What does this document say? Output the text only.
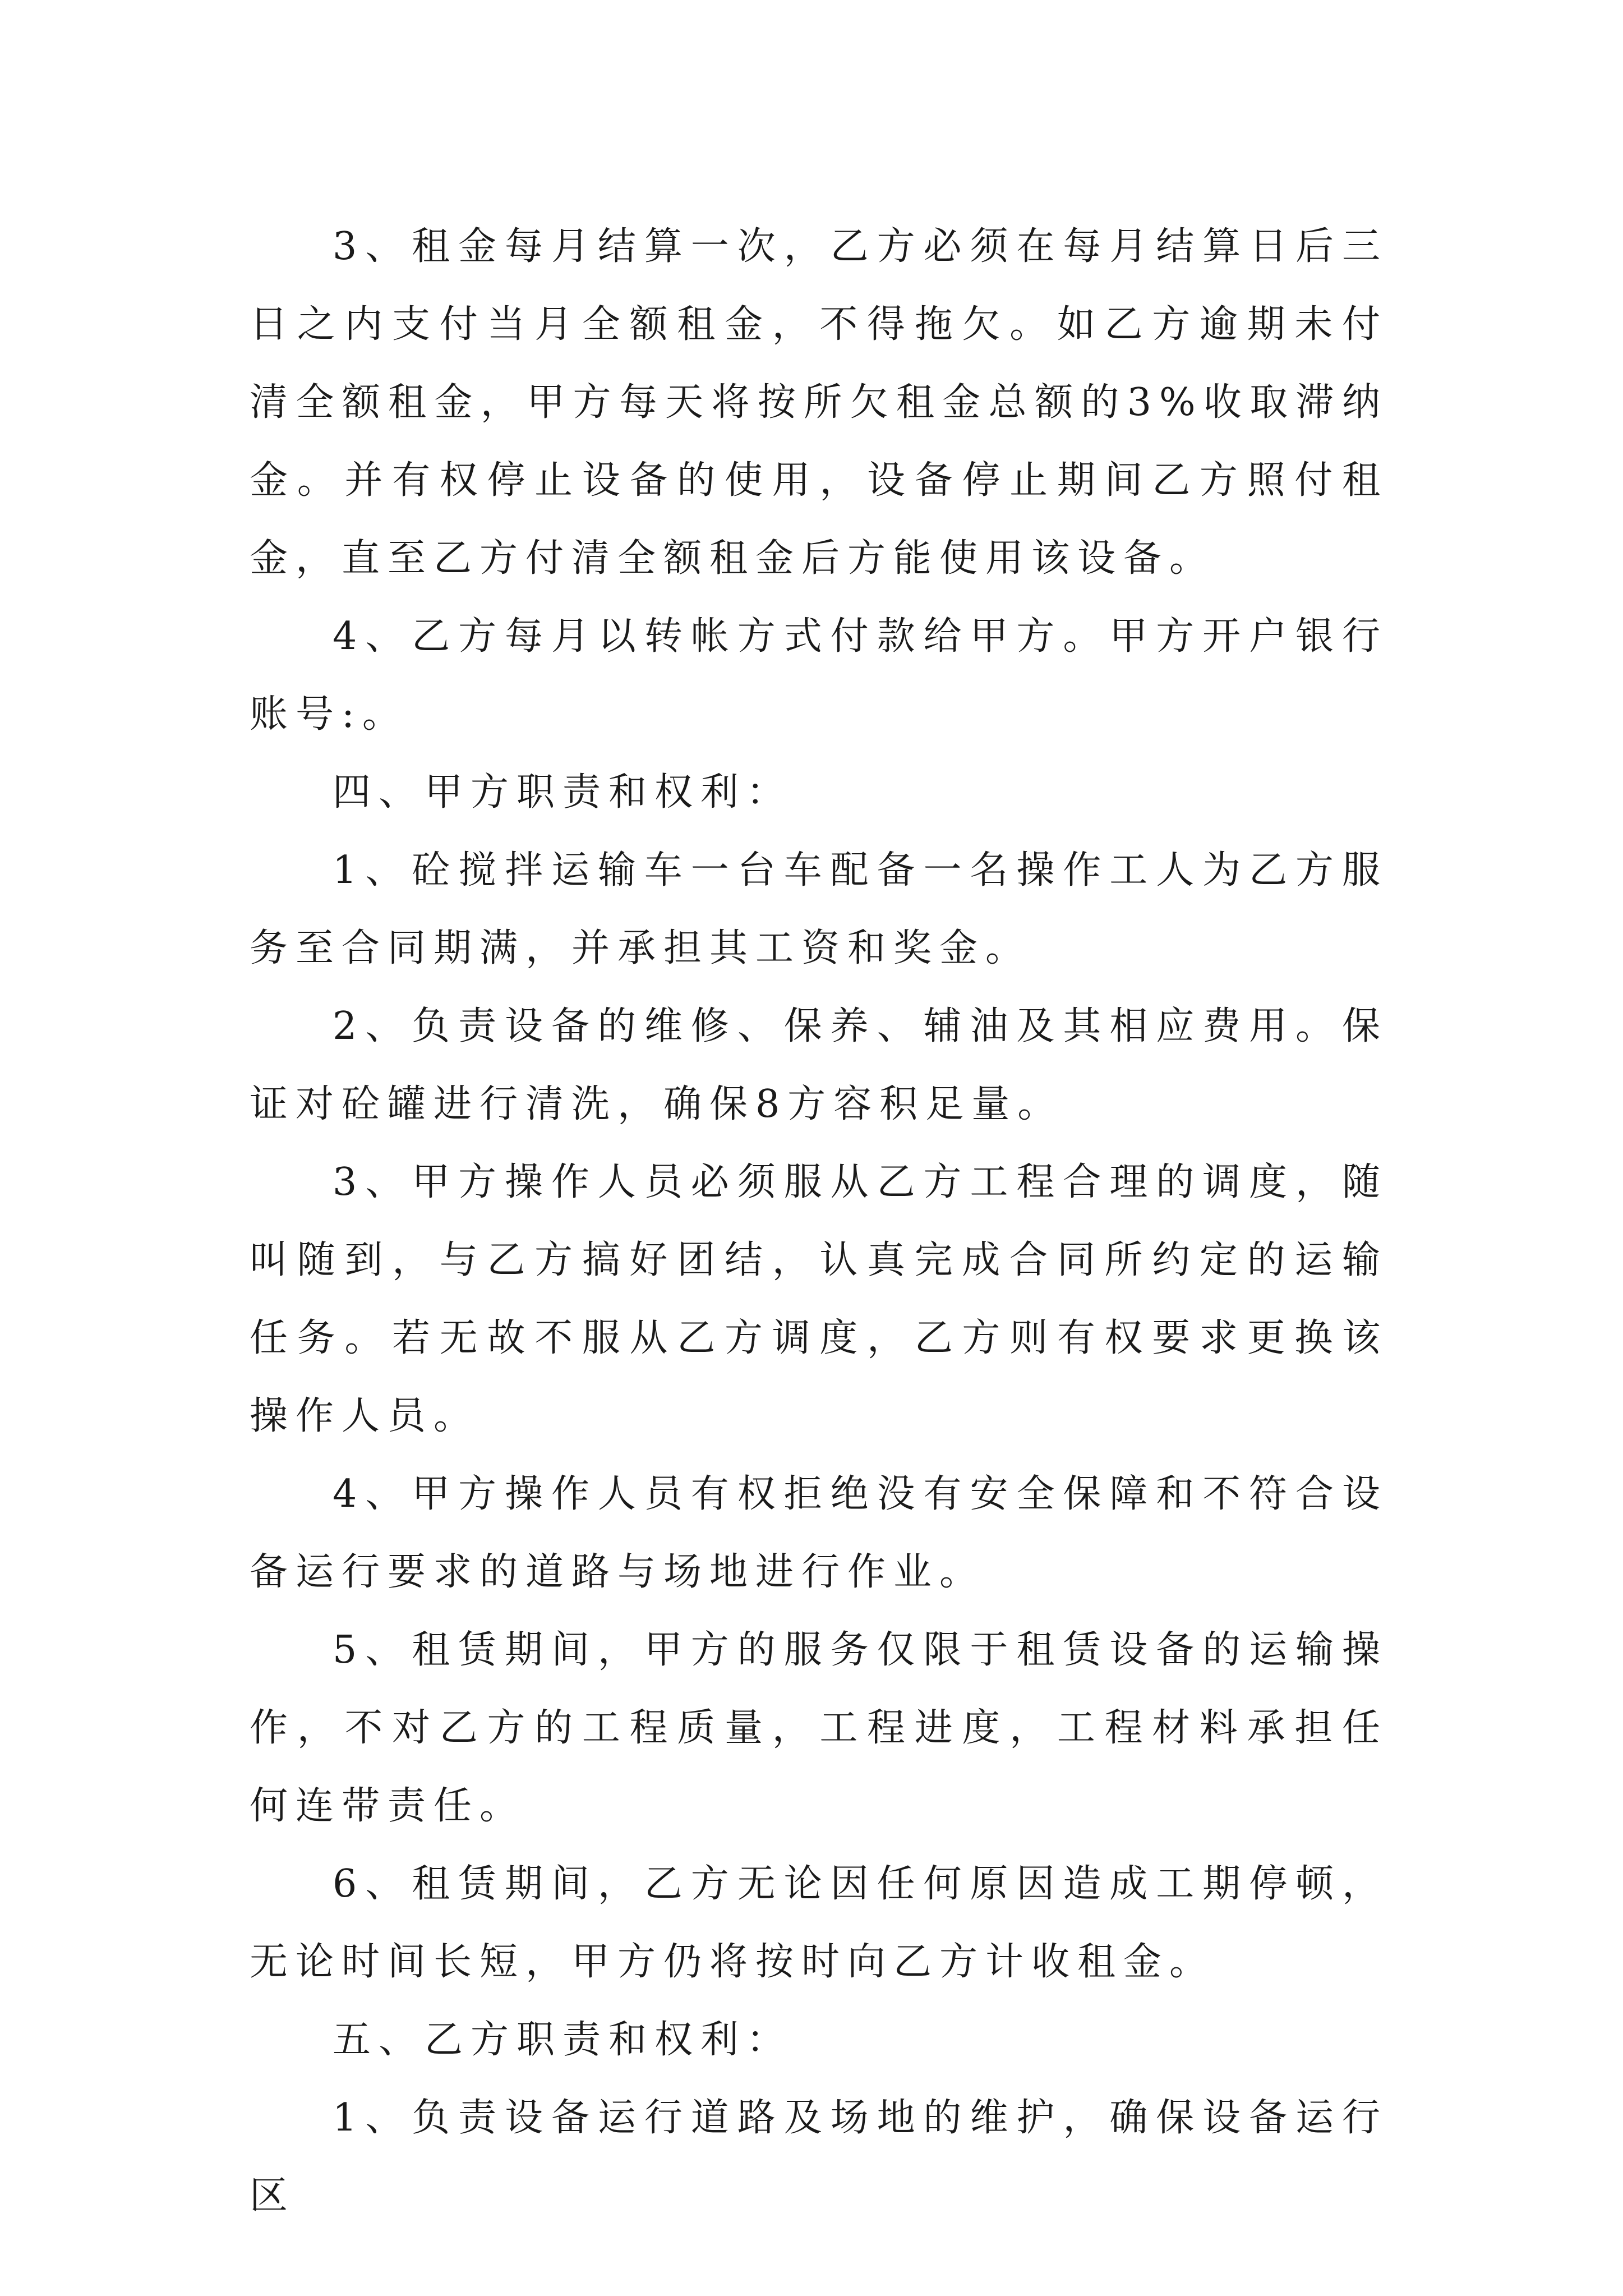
3、租金每月结算一次，乙方必须在每月结算日后三日之内支付当月全额租金，不得拖欠。如乙方逾期未付清全额租金，甲方每天将按所欠租金总额的3%收取滞纳金。并有权停止设备的使用，设备停止期间乙方照付租金，直至乙方付清全额租金后方能使用该设备。

4、乙方每月以转帐方式付款给甲方。甲方开户银行账号:。

四、甲方职责和权利：

1、砼搅拌运输车一台车配备一名操作工人为乙方服务至合同期满，并承担其工资和奖金。

2、负责设备的维修、保养、辅油及其相应费用。保证对砼罐进行清洗，确保8方容积足量。

3、甲方操作人员必须服从乙方工程合理的调度，随叫随到，与乙方搞好团结，认真完成合同所约定的运输任务。若无故不服从乙方调度，乙方则有权要求更换该操作人员。

4、甲方操作人员有权拒绝没有安全保障和不符合设备运行要求的道路与场地进行作业。

5、租赁期间，甲方的服务仅限于租赁设备的运输操作，不对乙方的工程质量，工程进度，工程材料承担任何连带责任。

6、租赁期间，乙方无论因任何原因造成工期停顿，无论时间长短，甲方仍将按时向乙方计收租金。

五、乙方职责和权利：

1、负责设备运行道路及场地的维护，确保设备运行区
